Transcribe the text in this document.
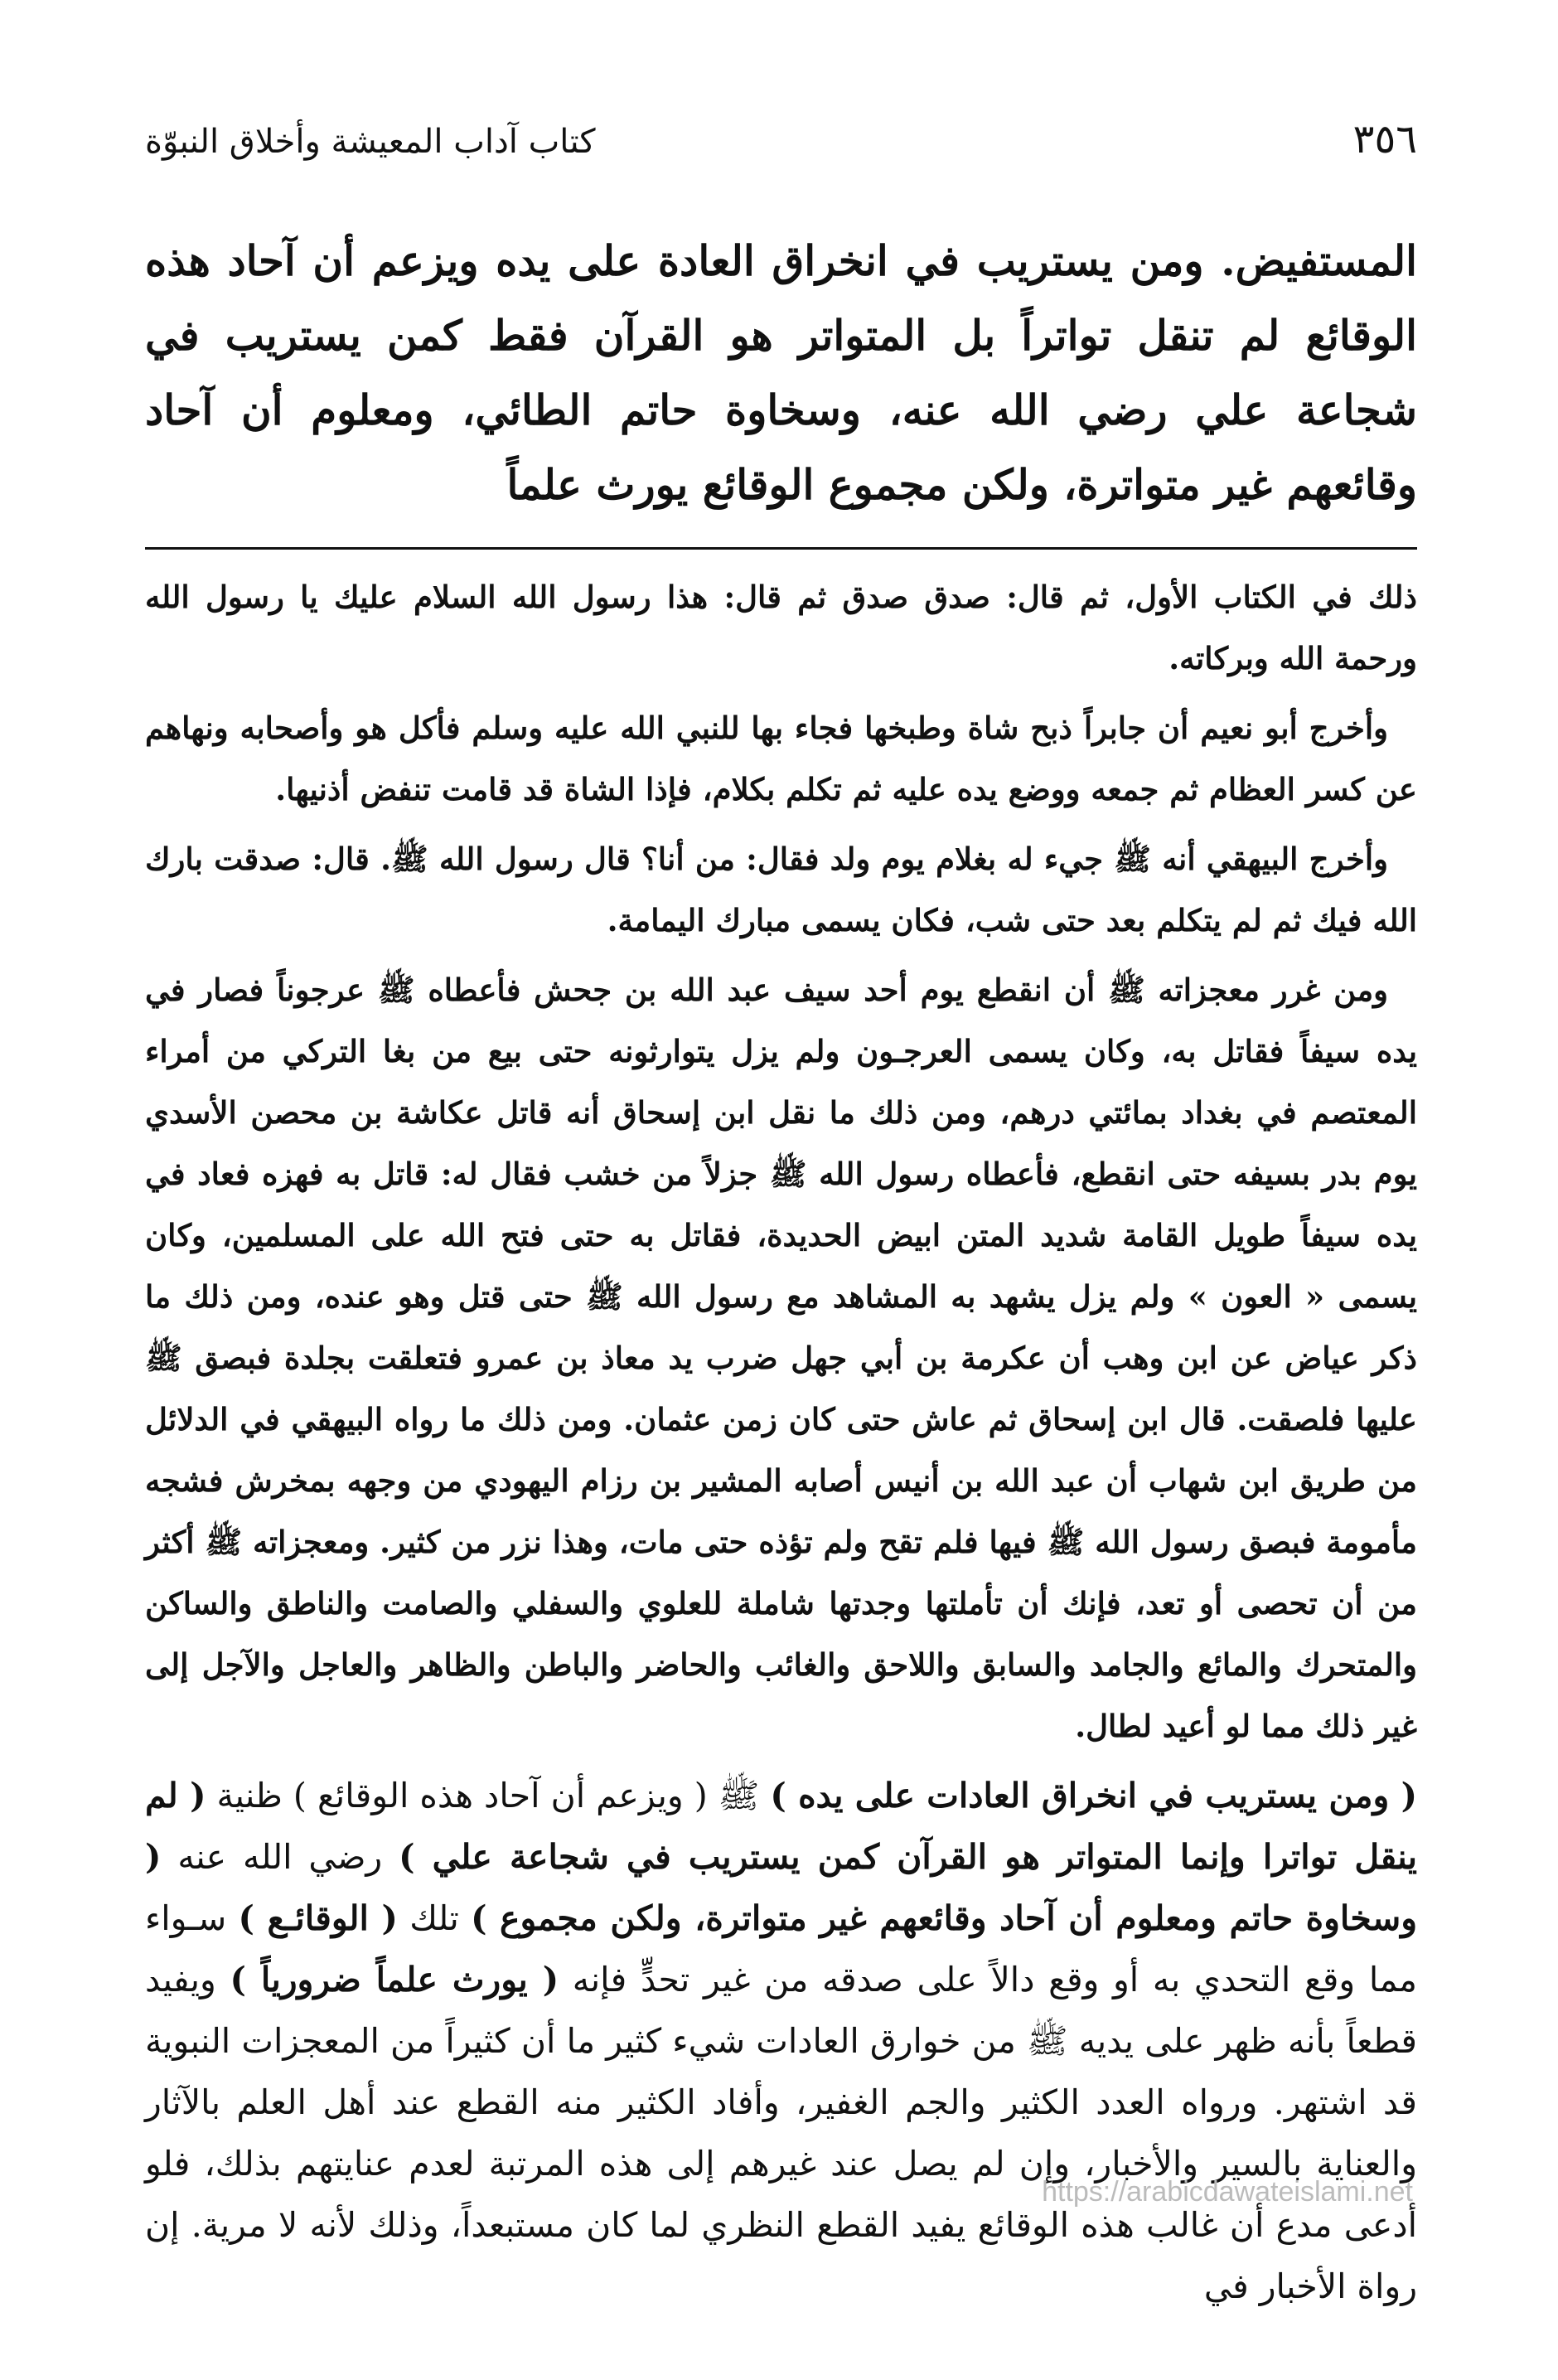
٣٥٦
كتاب آداب المعيشة وأخلاق النبوّة
المستفيض. ومن يستريب في انخراق العادة على يده ويزعم أن آحاد هذه الوقائع لم تنقل تواتراً بل المتواتر هو القرآن فقط كمن يستريب في شجاعة علي رضي الله عنه، وسخاوة حاتم الطائي، ومعلوم أن آحاد وقائعهم غير متواترة، ولكن مجموع الوقائع يورث علماً

ذلك في الكتاب الأول، ثم قال: صدق صدق ثم قال: هذا رسول الله السلام عليك يا رسول الله ورحمة الله وبركاته.

وأخرج أبو نعيم أن جابراً ذبح شاة وطبخها فجاء بها للنبي الله عليه وسلم فأكل هو وأصحابه ونهاهم عن كسر العظام ثم جمعه ووضع يده عليه ثم تكلم بكلام، فإذا الشاة قد قامت تنفض أذنيها.

وأخرج البيهقي أنه ﷺ جيء له بغلام يوم ولد فقال: من أنا؟ قال رسول الله ﷺ. قال: صدقت بارك الله فيك ثم لم يتكلم بعد حتى شب، فكان يسمى مبارك اليمامة.

ومن غرر معجزاته ﷺ أن انقطع يوم أحد سيف عبد الله بن جحش فأعطاه ﷺ عرجوناً فصار في يده سيفاً فقاتل به، وكان يسمى العرجـون ولم يزل يتوارثونه حتى بيع من بغا التركي من أمراء المعتصم في بغداد بمائتي درهم، ومن ذلك ما نقل ابن إسحاق أنه قاتل عكاشة بن محصن الأسدي يوم بدر بسيفه حتى انقطع، فأعطاه رسول الله ﷺ جزلاً من خشب فقال له: قاتل به فهزه فعاد في يده سيفاً طويل القامة شديد المتن ابيض الحديدة، فقاتل به حتى فتح الله على المسلمين، وكان يسمى « العون » ولم يزل يشهد به المشاهد مع رسول الله ﷺ حتى قتل وهو عنده، ومن ذلك ما ذكر عياض عن ابن وهب أن عكرمة بن أبي جهل ضرب يد معاذ بن عمرو فتعلقت بجلدة فبصق ﷺ عليها فلصقت. قال ابن إسحاق ثم عاش حتى كان زمن عثمان. ومن ذلك ما رواه البيهقي في الدلائل من طريق ابن شهاب أن عبد الله بن أنيس أصابه المشير بن رزام اليهودي من وجهه بمخرش فشجه مأمومة فبصق رسول الله ﷺ فيها فلم تقح ولم تؤذه حتى مات، وهذا نزر من كثير. ومعجزاته ﷺ أكثر من أن تحصى أو تعد، فإنك أن تأملتها وجدتها شاملة للعلوي والسفلي والصامت والناطق والساكن والمتحرك والمائع والجامد والسابق واللاحق والغائب والحاضر والباطن والظاهر والعاجل والآجل إلى غير ذلك مما لو أعيد لطال.

( ومن يستريب في انخراق العادات على يده ) ﷺ ( ويزعم أن آحاد هذه الوقائع ) ظنية ( لم ينقل تواترا وإنما المتواتر هو القرآن كمن يستريب في شجاعة علي ) رضي الله عنه ( وسخاوة حاتم ومعلوم أن آحاد وقائعهم غير متواترة، ولكن مجموع ) تلك ( الوقائـع ) سـواء مما وقع التحدي به أو وقع دالاً على صدقه من غير تحدٍّ فإنه ( يورث علماً ضرورياً ) ويفيد قطعاً بأنه ظهر على يديه ﷺ من خوارق العادات شيء كثير ما أن كثيراً من المعجزات النبوية قد اشتهر. ورواه العدد الكثير والجم الغفير، وأفاد الكثير منه القطع عند أهل العلم بالآثار والعناية بالسير والأخبار، وإن لم يصل عند غيرهم إلى هذه المرتبة لعدم عنايتهم بذلك، فلو أدعى مدع أن غالب هذه الوقائع يفيد القطع النظري لما كان مستبعداً، وذلك لأنه لا مرية. إن رواة الأخبار في
https://arabicdawateislami.net
